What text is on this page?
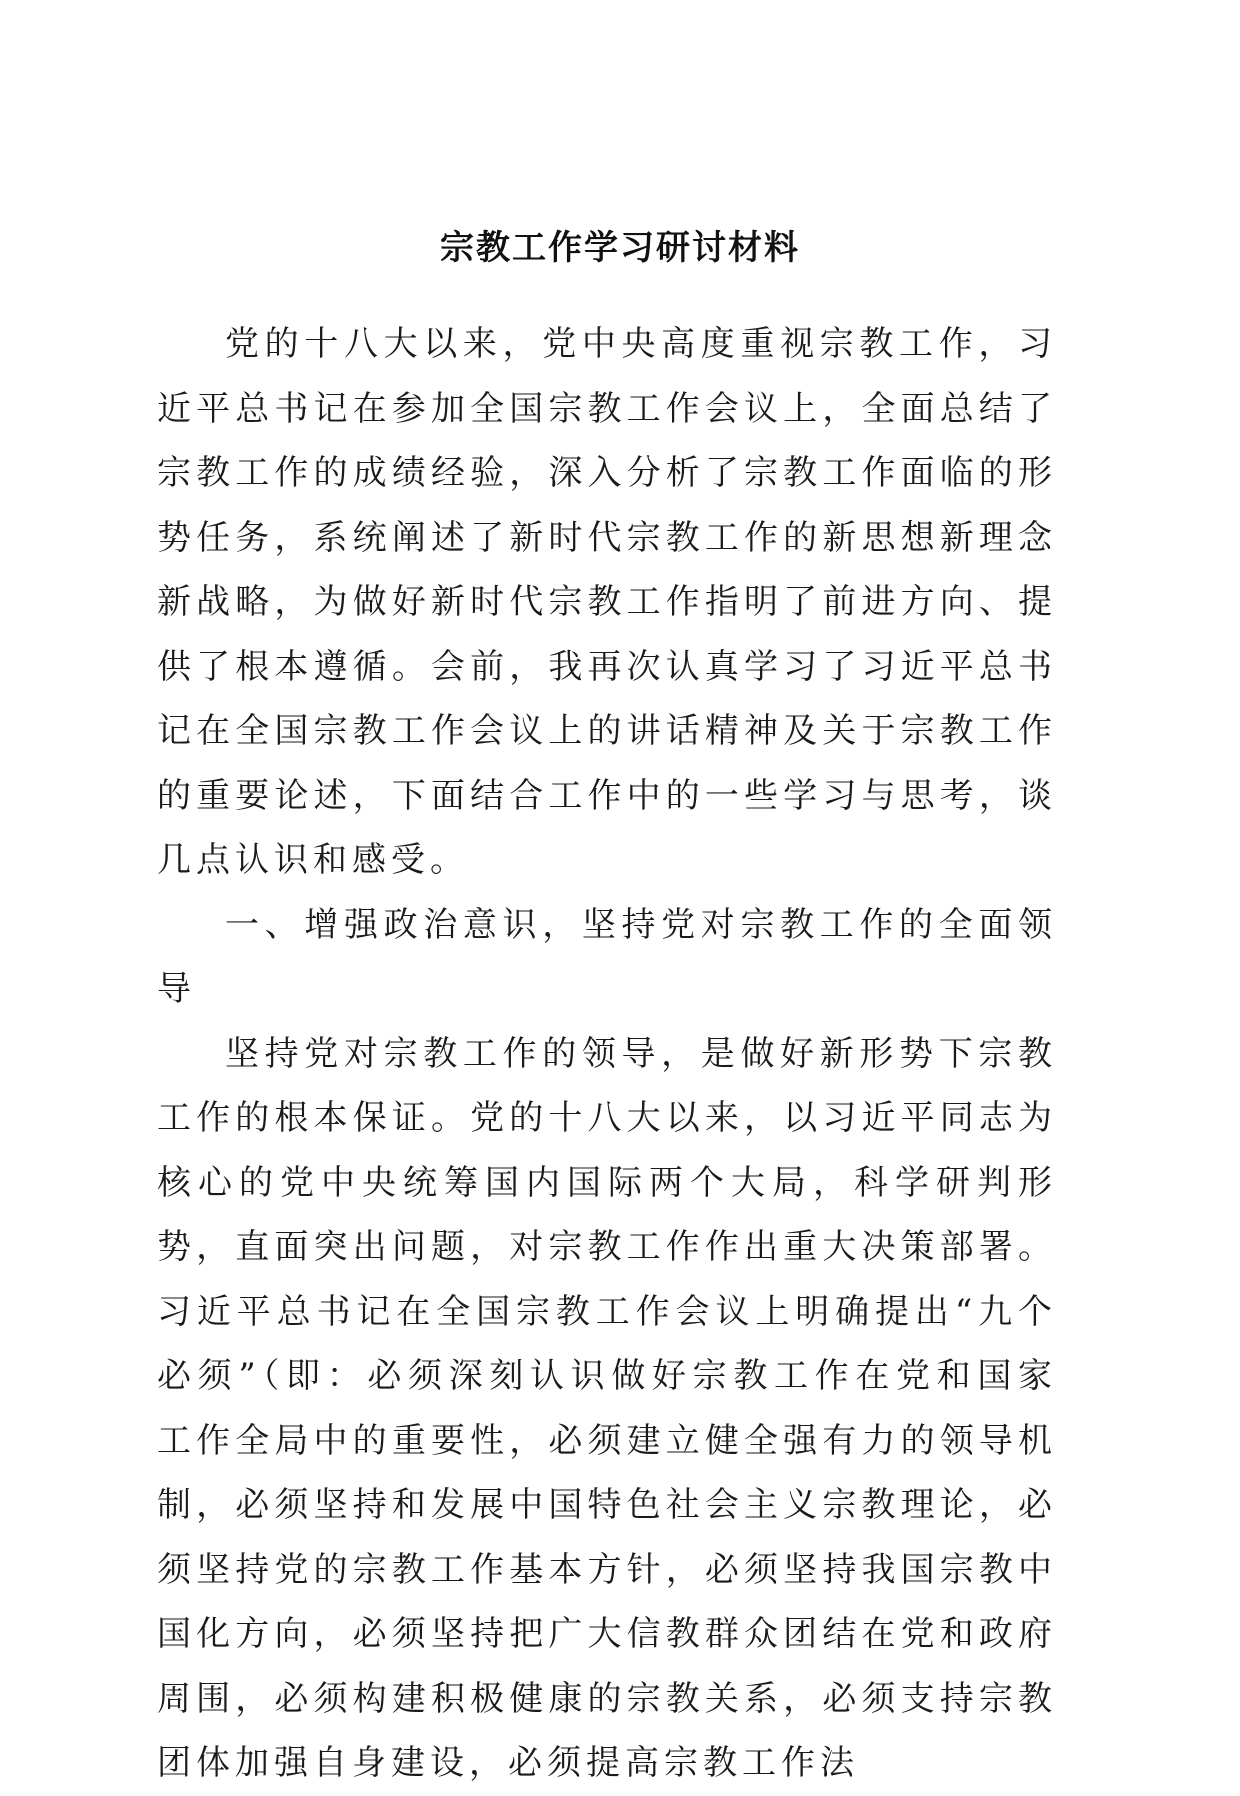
宗教工作学习研讨材料

党的十八大以来，党中央高度重视宗教工作，习近平总书记在参加全国宗教工作会议上，全面总结了宗教工作的成绩经验，深入分析了宗教工作面临的形势任务，系统阐述了新时代宗教工作的新思想新理念新战略，为做好新时代宗教工作指明了前进方向、提供了根本遵循。会前，我再次认真学习了习近平总书记在全国宗教工作会议上的讲话精神及关于宗教工作的重要论述，下面结合工作中的一些学习与思考，谈几点认识和感受。

一、增强政治意识，坚持党对宗教工作的全面领导

坚持党对宗教工作的领导，是做好新形势下宗教工作的根本保证。党的十八大以来，以习近平同志为核心的党中央统筹国内国际两个大局，科学研判形势，直面突出问题，对宗教工作作出重大决策部署。习近平总书记在全国宗教工作会议上明确提出“九个必须”（即：必须深刻认识做好宗教工作在党和国家工作全局中的重要性，必须建立健全强有力的领导机制，必须坚持和发展中国特色社会主义宗教理论，必须坚持党的宗教工作基本方针，必须坚持我国宗教中国化方向，必须坚持把广大信教群众团结在党和政府周围，必须构建积极健康的宗教关系，必须支持宗教团体加强自身建设，必须提高宗教工作法
